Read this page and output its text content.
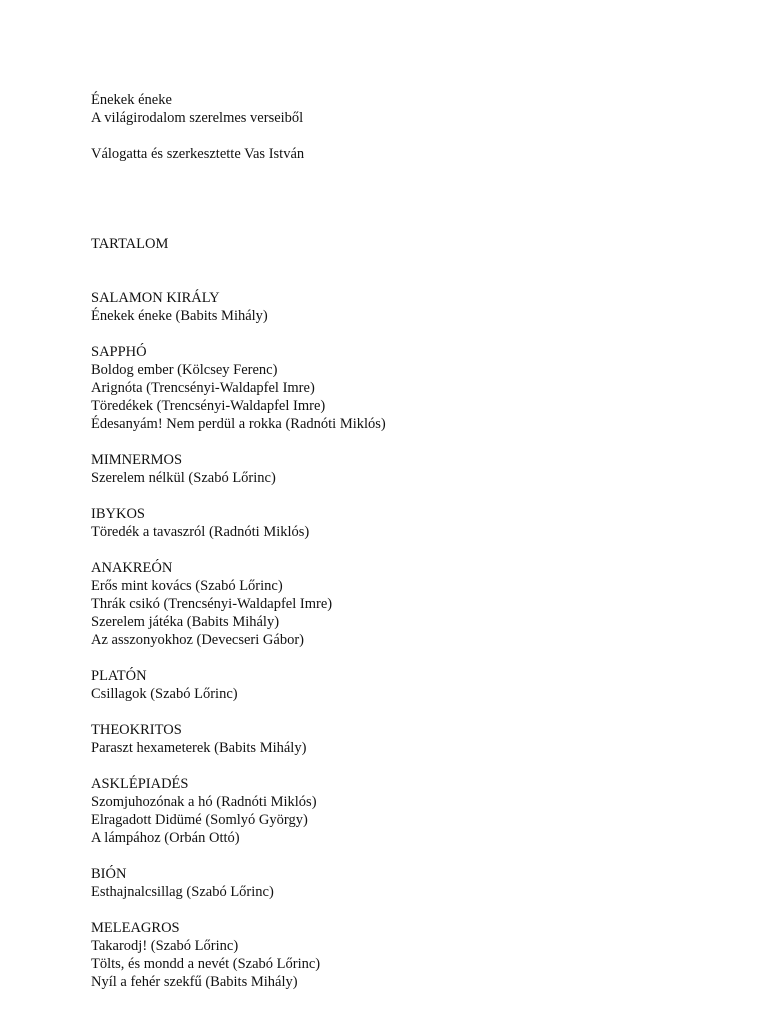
Énekek éneke
A világirodalom szerelmes verseiből
Válogatta és szerkesztette Vas István
TARTALOM
SALAMON KIRÁLY
Énekek éneke (Babits Mihály)
SAPPHÓ
Boldog ember (Kölcsey Ferenc)
Arignóta (Trencsényi-Waldapfel Imre)
Töredékek (Trencsényi-Waldapfel Imre)
Édesanyám! Nem perdül a rokka (Radnóti Miklós)
MIMNERMOS
Szerelem nélkül (Szabó Lőrinc)
IBYKOS
Töredék a tavaszról (Radnóti Miklós)
ANAKREÓN
Erős mint kovács (Szabó Lőrinc)
Thrák csikó (Trencsényi-Waldapfel Imre)
Szerelem játéka (Babits Mihály)
Az asszonyokhoz (Devecseri Gábor)
PLATÓN
Csillagok (Szabó Lőrinc)
THEOKRITOS
Paraszt hexameterek (Babits Mihály)
ASKLÉPIADÉS
Szomjuhozónak a hó (Radnóti Miklós)
Elragadott Didümé (Somlyó György)
A lámpához (Orbán Ottó)
BIÓN
Esthajnalcsillag (Szabó Lőrinc)
MELEAGROS
Takarodj! (Szabó Lőrinc)
Tölts, és mondd a nevét (Szabó Lőrinc)
Nyíl a fehér szekfű (Babits Mihály)
